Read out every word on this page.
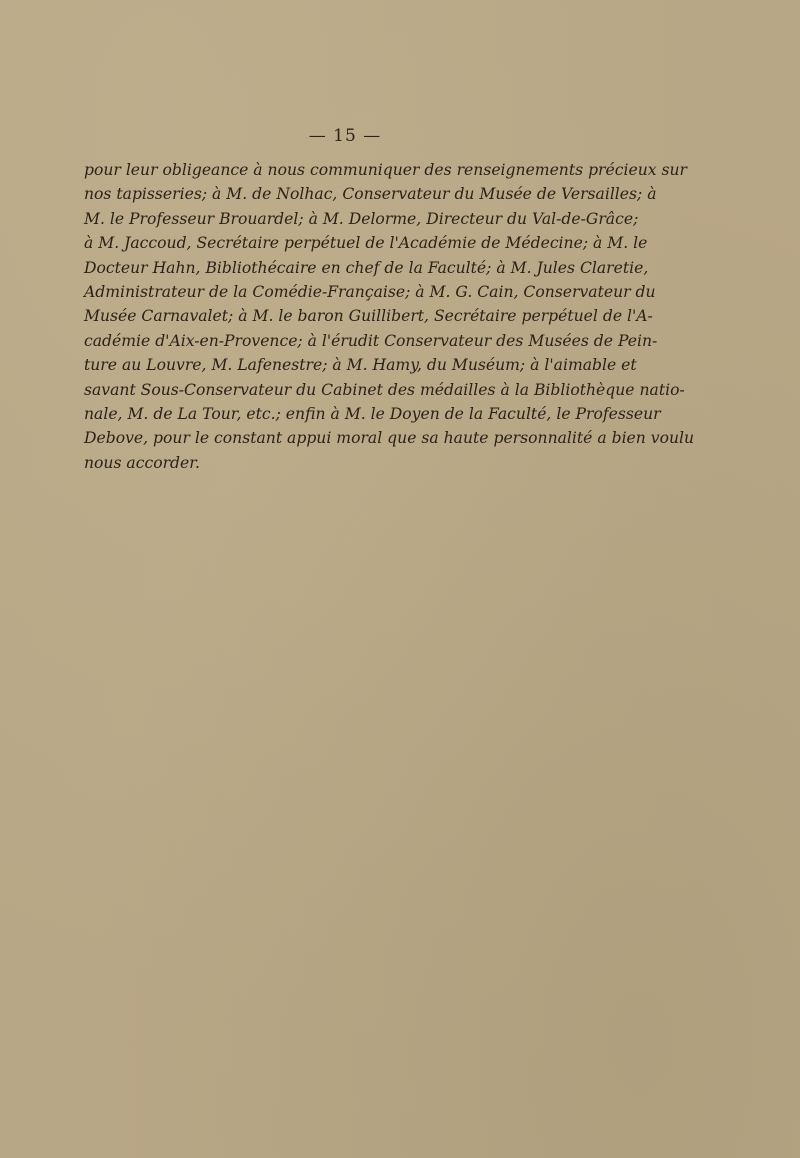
— 15 —
pour leur obligeance à nous communiquer des renseignements précieux sur
nos tapisseries; à M. de Nolhac, Conservateur du Musée de Versailles; à
M. le Professeur Brouardel; à M. Delorme, Directeur du Val-de-Grâce;
à M. Jaccoud, Secrétaire perpétuel de l'Académie de Médecine; à M. le
Docteur Hahn, Bibliothécaire en chef de la Faculté; à M. Jules Claretie,
Administrateur de la Comédie-Française; à M. G. Cain, Conservateur du
Musée Carnavalet; à M. le baron Guillibert, Secrétaire perpétuel de l'A-
cadémie d'Aix-en-Provence; à l'érudit Conservateur des Musées de Pein-
ture au Louvre, M. Lafenestre; à M. Hamy, du Muséum; à l'aimable et
savant Sous-Conservateur du Cabinet des médailles à la Bibliothèque natio-
nale, M. de La Tour, etc.; enfin à M. le Doyen de la Faculté, le Professeur
Debove, pour le constant appui moral que sa haute personnalité a bien voulu
nous accorder.
